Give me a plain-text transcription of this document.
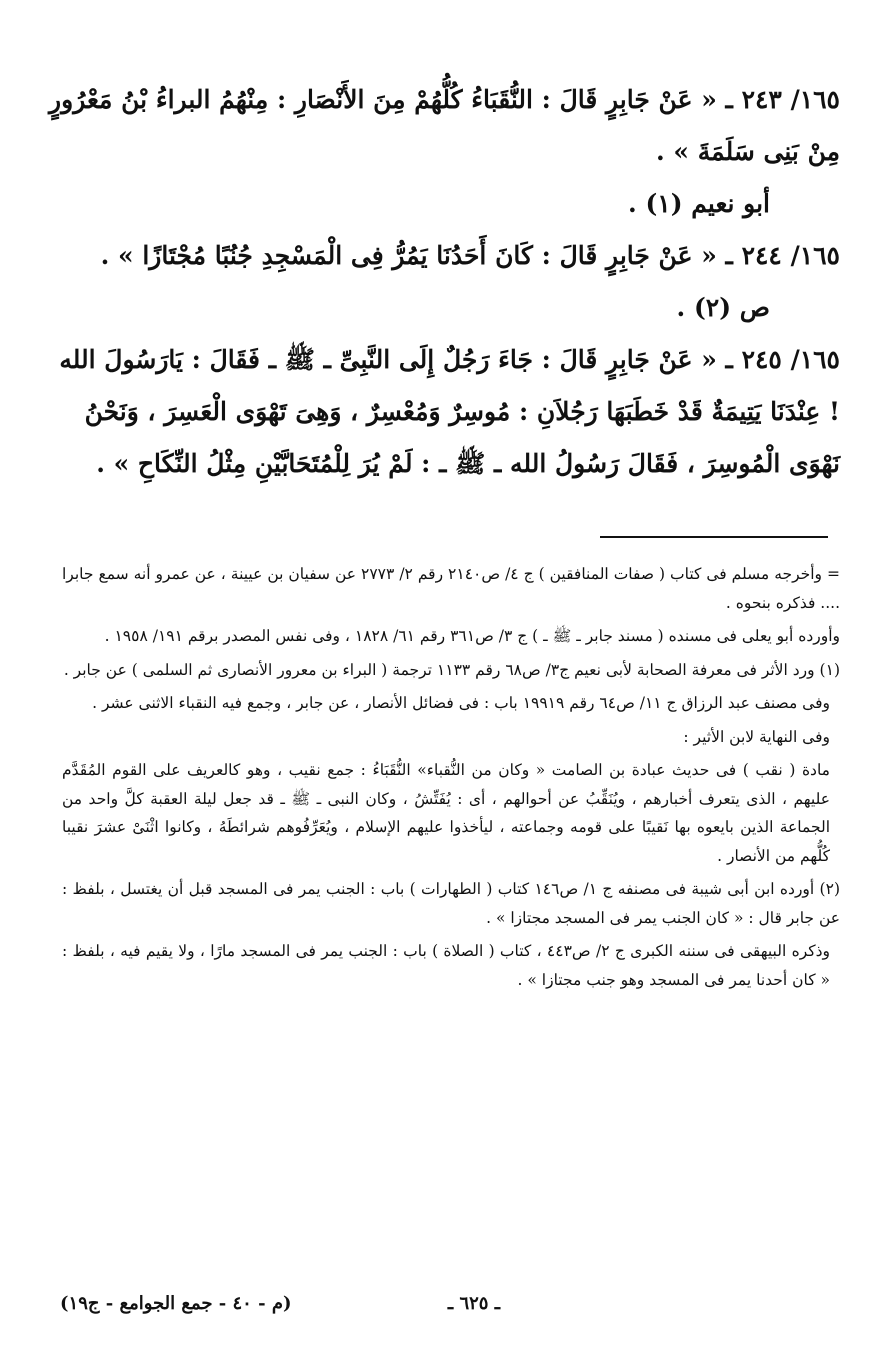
١٦٥/ ٢٤٣ ـ « عَنْ جَابِرٍ قَالَ : النُّقَبَاءُ كُلُّهُمْ مِنَ الأَنْصَارِ : مِنْهُمُ البراءُ بْنُ مَعْرُورٍ مِنْ بَنِى سَلَمَةَ » .

أبو نعيم (١) .

١٦٥/ ٢٤٤ ـ « عَنْ جَابِرٍ قَالَ : كَانَ أَحَدُنَا يَمُرُّ فِى الْمَسْجِدِ جُنُبًا مُجْتَازًا » .

ص (٢) .

١٦٥/ ٢٤٥ ـ « عَنْ جَابِرٍ قَالَ : جَاءَ رَجُلٌ إِلَى النَّبِىِّ ـ ﷺ ـ فَقَالَ : يَارَسُولَ الله ! عِنْدَنَا يَتِيمَةٌ قَدْ خَطَبَهَا رَجُلاَنِ : مُوسِرٌ وَمُعْسِرٌ ، وَهِىَ تَهْوَى الْعَسِرَ ، وَنَحْنُ نَهْوَى الْمُوسِرَ ، فَقَالَ رَسُولُ الله ـ ﷺ ـ : لَمْ يُرَ لِلْمُتَحَابَّيْنِ مِثْلُ النِّكَاحِ » .

= وأخرجه مسلم فى كتاب ( صفات المنافقين ) ج ٤/ ص٢١٤٠ رقم ٢/ ٢٧٧٣ عن سفيان بن عيينة ، عن عمرو أنه سمع جابرا .... فذكره بنحوه .

وأورده أبو يعلى فى مسنده ( مسند جابر ـ ﷺ ـ ) ج ٣/ ص٣٦١ رقم ٦١/ ١٨٢٨ ، وفى نفس المصدر برقم ١٩١/ ١٩٥٨ .

(١) ورد الأثر فى معرفة الصحابة لأبى نعيم ج٣/ ص٦٨ رقم ١١٣٣ ترجمة ( البراء بن معرور الأنصارى ثم السلمى ) عن جابر .

وفى مصنف عبد الرزاق ج ١١/ ص٦٤ رقم ١٩٩١٩ باب : فى فضائل الأنصار ، عن جابر ، وجمع فيه النقباء الاثنى عشر .

وفى النهاية لابن الأثير :

مادة ( نقب ) فى حديث عبادة بن الصامت « وكان من النُّقباء» النُّقَبَاءُ : جمع نقيب ، وهو كالعريف على القوم المُقَدَّم عليهم ، الذى يتعرف أخبارهم ، ويُنَقِّبُ عن أحوالهم ، أى : يُفَتِّشُ ، وكان النبى ـ ﷺ ـ قد جعل ليلة العقبة كلَّ واحد من الجماعة الذين بايعوه بها نَقيبًا على قومه وجماعته ، ليأخذوا عليهم الإسلام ، ويُعَرِّفُوهم شرائطَهُ ، وكانوا اثْنَىْ عشرَ نقيبا كُلُّهم من الأنصار .

(٢) أورده ابن أبى شيبة فى مصنفه ج ١/ ص١٤٦ كتاب ( الطهارات ) باب : الجنب يمر فى المسجد قبل أن يغتسل ، بلفظ : عن جابر قال : « كان الجنب يمر فى المسجد مجتازا » .

وذكره البيهقى فى سننه الكبرى ج ٢/ ص٤٤٣ ، كتاب ( الصلاة ) باب : الجنب يمر فى المسجد مارًا ، ولا يقيم فيه ، بلفظ : « كان أحدنا يمر فى المسجد وهو جنب مجتازا » .

ـ ٦٢٥ ـ
(م - ٤٠ - جمع الجوامع - ج١٩)
